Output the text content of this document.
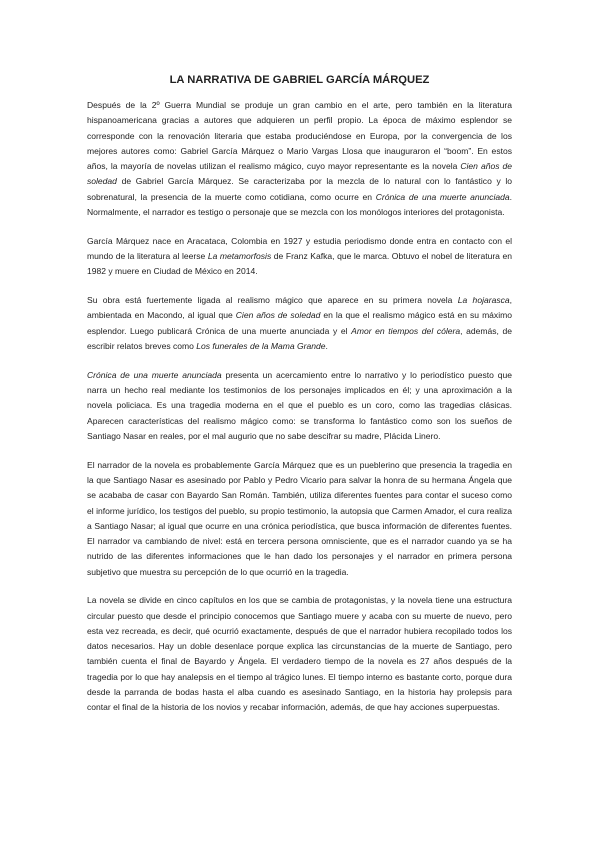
LA NARRATIVA DE GABRIEL GARCÍA MÁRQUEZ

Después de la 2º Guerra Mundial se produje un gran cambio en el arte, pero también en la literatura hispanoamericana gracias a autores que adquieren un perfil propio. La época de máximo esplendor se corresponde con la renovación literaria que estaba produciéndose en Europa, por la convergencia de los mejores autores como: Gabriel García Márquez o Mario Vargas Llosa que inauguraron el “boom”. En estos años, la mayoría de novelas utilizan el realismo mágico, cuyo mayor representante es la novela Cien años de soledad de Gabriel García Márquez. Se caracterizaba por la mezcla de lo natural con lo fantástico y lo sobrenatural, la presencia de la muerte como cotidiana, como ocurre en Crónica de una muerte anunciada. Normalmente, el narrador es testigo o personaje que se mezcla con los monólogos interiores del protagonista.

García Márquez nace en Aracataca, Colombia en 1927 y estudia periodismo donde entra en contacto con el mundo de la literatura al leerse La metamorfosis de Franz Kafka, que le marca. Obtuvo el nobel de literatura en 1982 y muere en Ciudad de México en 2014.

Su obra está fuertemente ligada al realismo mágico que aparece en su primera novela La hojarasca, ambientada en Macondo, al igual que Cien años de soledad en la que el realismo mágico está en su máximo esplendor. Luego publicará Crónica de una muerte anunciada y el Amor en tiempos del cólera, además, de escribir relatos breves como Los funerales de la Mama Grande.

Crónica de una muerte anunciada presenta un acercamiento entre lo narrativo y lo periodístico puesto que narra un hecho real mediante los testimonios de los personajes implicados en él; y una aproximación a la novela policiaca. Es una tragedia moderna en el que el pueblo es un coro, como las tragedias clásicas. Aparecen características del realismo mágico como: se transforma lo fantástico como son los sueños de Santiago Nasar en reales, por el mal augurio que no sabe descifrar su madre, Plácida Linero.

El narrador de la novela es probablemente García Márquez que es un pueblerino que presencia la tragedia en la que Santiago Nasar es asesinado por Pablo y Pedro Vicario para salvar la honra de su hermana Ángela que se acababa de casar con Bayardo San Román. También, utiliza diferentes fuentes para contar el suceso como el informe jurídico, los testigos del pueblo, su propio testimonio, la autopsia que Carmen Amador, el cura realiza a Santiago Nasar; al igual que ocurre en una crónica periodística, que busca información de diferentes fuentes. El narrador va cambiando de nivel: está en tercera persona omnisciente, que es el narrador cuando ya se ha nutrido de las diferentes informaciones que le han dado los personajes y el narrador en primera persona subjetivo que muestra su percepción de lo que ocurrió en la tragedia.

La novela se divide en cinco capítulos en los que se cambia de protagonistas, y la novela tiene una estructura circular puesto que desde el principio conocemos que Santiago muere y acaba con su muerte de nuevo, pero esta vez recreada, es decir, qué ocurrió exactamente, después de que el narrador hubiera recopilado todos los datos necesarios. Hay un doble desenlace porque explica las circunstancias de la muerte de Santiago, pero también cuenta el final de Bayardo y Ángela. El verdadero tiempo de la novela es 27 años después de la tragedia por lo que hay analepsis en el tiempo al trágico lunes. El tiempo interno es bastante corto, porque dura desde la parranda de bodas hasta el alba cuando es asesinado Santiago, en la historia hay prolepsis para contar el final de la historia de los novios y recabar información, además, de que hay acciones superpuestas.
